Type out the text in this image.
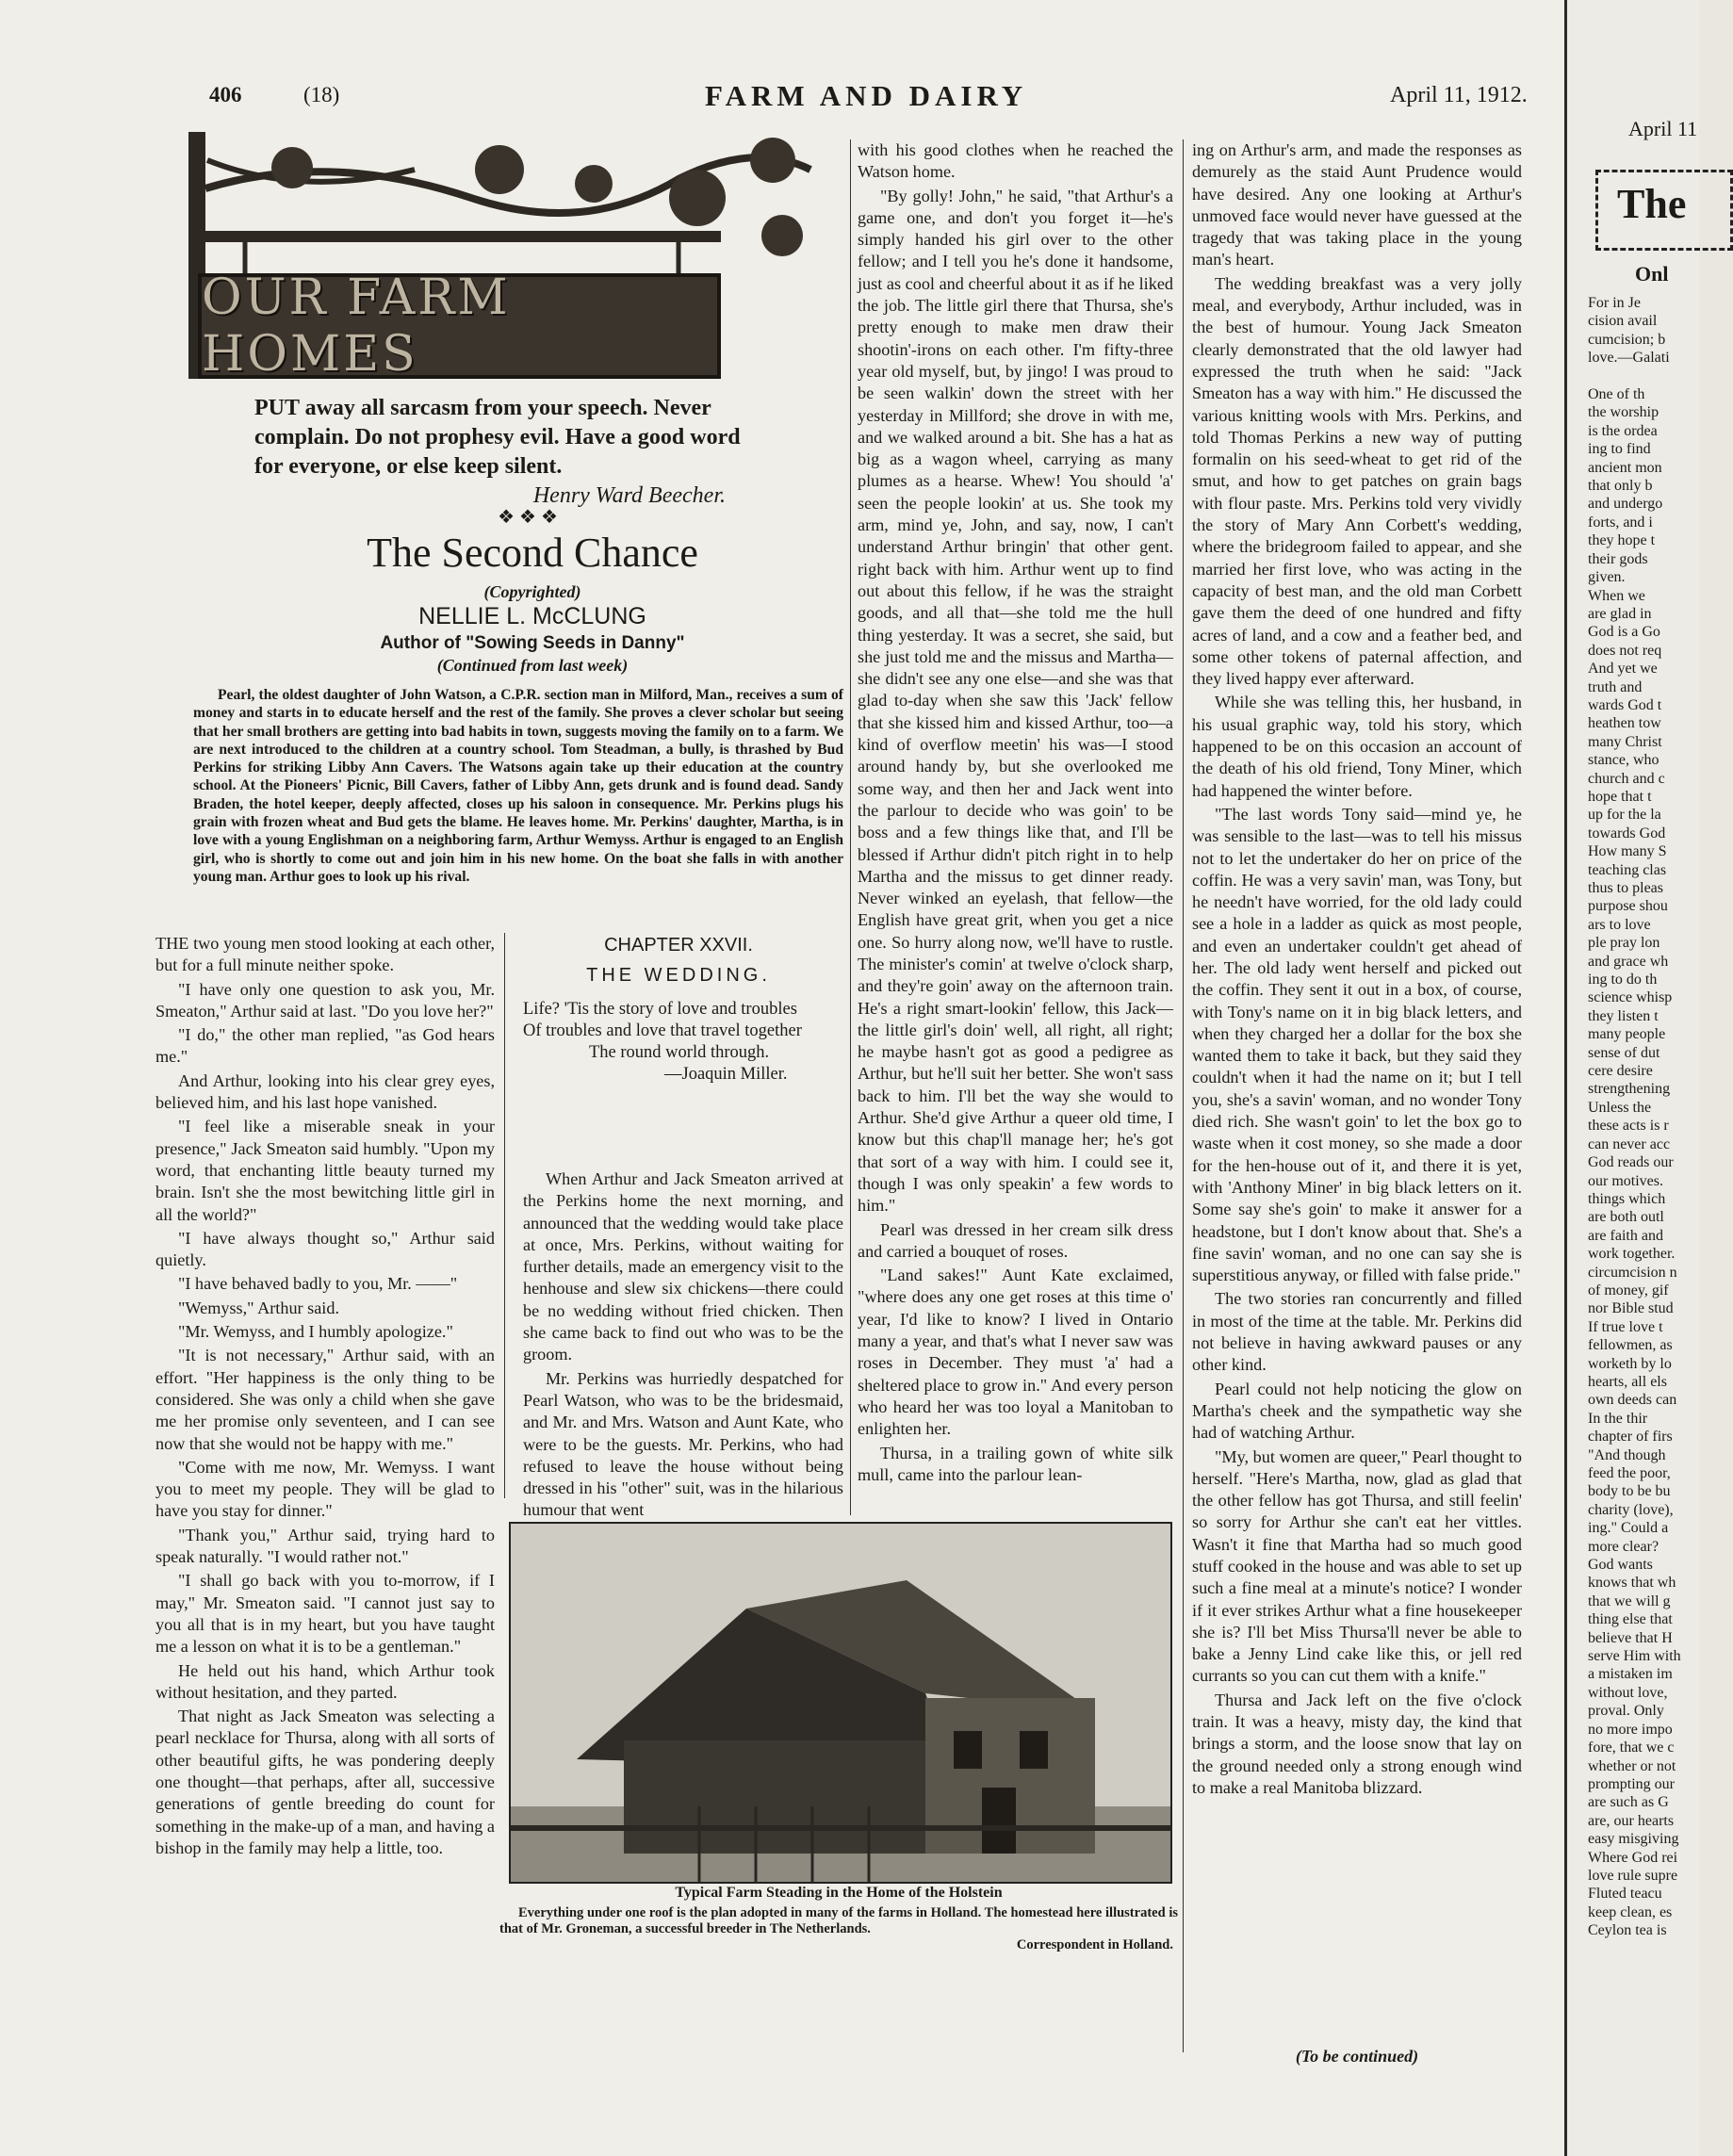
406	(18)	FARM AND DAIRY	April 11, 1912.
OUR FARM HOMES
PUT away all sarcasm from your speech. Never complain. Do not prophesy evil. Have a good word for everyone, or else keep silent.
Henry Ward Beecher.
❖ ❖ ❖
The Second Chance
(Copyrighted)
NELLIE L. McCLUNG
Author of "Sowing Seeds in Danny"
(Continued from last week)
Pearl, the oldest daughter of John Watson, a C.P.R. section man in Milford, Man., receives a sum of money and starts in to educate herself and the rest of the family. She proves a clever scholar but seeing that her small brothers are getting into bad habits in town, suggests moving the family on to a farm. We are next introduced to the children at a country school. Tom Steadman, a bully, is thrashed by Bud Perkins for striking Libby Ann Cavers. The Watsons again take up their education at the country school. At the Pioneers' Picnic, Bill Cavers, father of Libby Ann, gets drunk and is found dead. Sandy Braden, the hotel keeper, deeply affected, closes up his saloon in consequence. Mr. Perkins plugs his grain with frozen wheat and Bud gets the blame. He leaves home. Mr. Perkins' daughter, Martha, is in love with a young Englishman on a neighboring farm, Arthur Wemyss. Arthur is engaged to an English girl, who is shortly to come out and join him in his new home. On the boat she falls in with another young man. Arthur goes to look up his rival.

THE two young men stood looking at each other, but for a full minute neither spoke.

"I have only one question to ask you, Mr. Smeaton," Arthur said at last. "Do you love her?"

"I do," the other man replied, "as God hears me."

And Arthur, looking into his clear grey eyes, believed him, and his last hope vanished.

"I feel like a miserable sneak in your presence," Jack Smeaton said humbly. "Upon my word, that enchanting little beauty turned my brain. Isn't she the most bewitching little girl in all the world?"

"I have always thought so," Arthur said quietly.

"I have behaved badly to you, Mr. ——"

"Wemyss," Arthur said.

"Mr. Wemyss, and I humbly apologize."

"It is not necessary," Arthur said, with an effort. "Her happiness is the only thing to be considered. She was only a child when she gave me her promise only seventeen, and I can see now that she would not be happy with me."

"Come with me now, Mr. Wemyss. I want you to meet my people. They will be glad to have you stay for dinner."

"Thank you," Arthur said, trying hard to speak naturally. "I would rather not."

"I shall go back with you to-morrow, if I may," Mr. Smeaton said. "I cannot just say to you all that is in my heart, but you have taught me a lesson on what it is to be a gentleman."

He held out his hand, which Arthur took without hesitation, and they parted.

That night as Jack Smeaton was selecting a pearl necklace for Thursa, along with all sorts of other beautiful gifts, he was pondering deeply one thought—that perhaps, after all, successive generations of gentle breeding do count for something in the make-up of a man, and having a bishop in the family may help a little, too.

CHAPTER XXVII.
THE WEDDING.
Life? 'Tis the story of love and troubles
Of troubles and love that travel together
The round world through.
—Joaquin Miller.

When Arthur and Jack Smeaton arrived at the Perkins home the next morning, and announced that the wedding would take place at once, Mrs. Perkins, without waiting for further details, made an emergency visit to the henhouse and slew six chickens—there could be no wedding without fried chicken. Then she came back to find out who was to be the groom.

Mr. Perkins was hurriedly despatched for Pearl Watson, who was to be the bridesmaid, and Mr. and Mrs. Watson and Aunt Kate, who were to be the guests. Mr. Perkins, who had refused to leave the house without being dressed in his "other" suit, was in the hilarious humour that went

with his good clothes when he reached the Watson home.

"By golly! John," he said, "that Arthur's a game one, and don't you forget it—he's simply handed his girl over to the other fellow; and I tell you he's done it handsome, just as cool and cheerful about it as if he liked the job. The little girl there that Thursa, she's pretty enough to make men draw their shootin'-irons on each other. I'm fifty-three year old myself, but, by jingo! I was proud to be seen walkin' down the street with her yesterday in Millford; she drove in with me, and we walked around a bit. She has a hat as big as a wagon wheel, carrying as many plumes as a hearse. Whew! You should 'a' seen the people lookin' at us. She took my arm, mind ye, John, and say, now, I can't understand Arthur bringin' that other gent. right back with him. Arthur went up to find out about this fellow, if he was the straight goods, and all that—she told me the hull thing yesterday. It was a secret, she said, but she just told me and the missus and Martha—she didn't see any one else—and she was that glad to-day when she saw this 'Jack' fellow that she kissed him and kissed Arthur, too—a kind of overflow meetin' his was—I stood around handy by, but she overlooked me some way, and then her and Jack went into the parlour to decide who was goin' to be boss and a few things like that, and I'll be blessed if Arthur didn't pitch right in to help Martha and the missus to get dinner ready. Never winked an eyelash, that fellow—the English have great grit, when you get a nice one. So hurry along now, we'll have to rustle. The minister's comin' at twelve o'clock sharp, and they're goin' away on the afternoon train. He's a right smart-lookin' fellow, this Jack—the little girl's doin' well, all right, all right; he maybe hasn't got as good a pedigree as Arthur, but he'll suit her better. She won't sass back to him. I'll bet the way she would to Arthur. She'd give Arthur a queer old time, I know but this chap'll manage her; he's got that sort of a way with him. I could see it, though I was only speakin' a few words to him."

Pearl was dressed in her cream silk dress and carried a bouquet of roses.

"Land sakes!" Aunt Kate exclaimed, "where does any one get roses at this time o' year, I'd like to know? I lived in Ontario many a year, and that's what I never saw was roses in December. They must 'a' had a sheltered place to grow in." And every person who heard her was too loyal a Manitoban to enlighten her.

Thursa, in a trailing gown of white silk mull, came into the parlour lean-

ing on Arthur's arm, and made the responses as demurely as the staid Aunt Prudence would have desired. Any one looking at Arthur's unmoved face would never have guessed at the tragedy that was taking place in the young man's heart.

The wedding breakfast was a very jolly meal, and everybody, Arthur included, was in the best of humour. Young Jack Smeaton clearly demonstrated that the old lawyer had expressed the truth when he said: "Jack Smeaton has a way with him." He discussed the various knitting wools with Mrs. Perkins, and told Thomas Perkins a new way of putting formalin on his seed-wheat to get rid of the smut, and how to get patches on grain bags with flour paste. Mrs. Perkins told very vividly the story of Mary Ann Corbett's wedding, where the bridegroom failed to appear, and she married her first love, who was acting in the capacity of best man, and the old man Corbett gave them the deed of one hundred and fifty acres of land, and a cow and a feather bed, and some other tokens of paternal affection, and they lived happy ever afterward.

While she was telling this, her husband, in his usual graphic way, told his story, which happened to be on this occasion an account of the death of his old friend, Tony Miner, which had happened the winter before.

"The last words Tony said—mind ye, he was sensible to the last—was to tell his missus not to let the undertaker do her on price of the coffin. He was a very savin' man, was Tony, but he needn't have worried, for the old lady could see a hole in a ladder as quick as most people, and even an undertaker couldn't get ahead of her. The old lady went herself and picked out the coffin. They sent it out in a box, of course, with Tony's name on it in big black letters, and when they charged her a dollar for the box she wanted them to take it back, but they said they couldn't when it had the name on it; but I tell you, she's a savin' woman, and no wonder Tony died rich. She wasn't goin' to let the box go to waste when it cost money, so she made a door for the hen-house out of it, and there it is yet, with 'Anthony Miner' in big black letters on it. Some say she's goin' to make it answer for a headstone, but I don't know about that. She's a fine savin' woman, and no one can say she is superstitious anyway, or filled with false pride."

The two stories ran concurrently and filled in most of the time at the table. Mr. Perkins did not believe in having awkward pauses or any other kind.

Pearl could not help noticing the glow on Martha's cheek and the sympathetic way she had of watching Arthur.

"My, but women are queer," Pearl thought to herself. "Here's Martha, now, glad as glad that the other fellow has got Thursa, and still feelin' so sorry for Arthur she can't eat her vittles. Wasn't it fine that Martha had so much good stuff cooked in the house and was able to set up such a fine meal at a minute's notice? I wonder if it ever strikes Arthur what a fine housekeeper she is? I'll bet Miss Thursa'll never be able to bake a Jenny Lind cake like this, or jell red currants so you can cut them with a knife."

Thursa and Jack left on the five o'clock train. It was a heavy, misty day, the kind that brings a storm, and the loose snow that lay on the ground needed only a strong enough wind to make a real Manitoba blizzard.

(To be continued)
Typical Farm Steading in the Home of the Holstein
Everything under one roof is the plan adopted in many of the farms in Holland. The homestead here illustrated is that of Mr. Groneman, a successful breeder in The Netherlands.
Correspondent in Holland.
April 11
The
Onl
For in Je
cision avail
cumcision; b
love.—Galati

One of th
the worship
is the ordea
ing to find
ancient mon
that only b
and undergo
forts, and i
they hope t
their gods
given.
When we
are glad in
God is a Go
does not req
And yet we
truth and
wards God t
heathen tow
many Christ
stance, who
church and c
hope that t
up for the la
towards God
How many S
teaching clas
thus to pleas
purpose shou
ars to love
ple pray lon
and grace wh
ing to do th
science whisp
they listen t
many people
sense of dut
cere desire
strengthening
Unless the
these acts is r
can never acc
God reads our
our motives.
things which
are both outl
are faith and
work together.
circumcision n
of money, gif
nor Bible stud
If true love t
fellowmen, as
worketh by lo
hearts, all els
own deeds can
In the thir
chapter of firs
"And though
feed the poor,
body to be bu
charity (love),
ing." Could a
more clear?
God wants
knows that wh
that we will g
thing else that
believe that H
serve Him with
a mistaken im
without love,
proval. Only
no more impo
fore, that we c
whether or not
prompting our
are such as G
are, our hearts
easy misgiving
Where God rei
love rule supre
Fluted teacu
keep clean, es
Ceylon tea is
